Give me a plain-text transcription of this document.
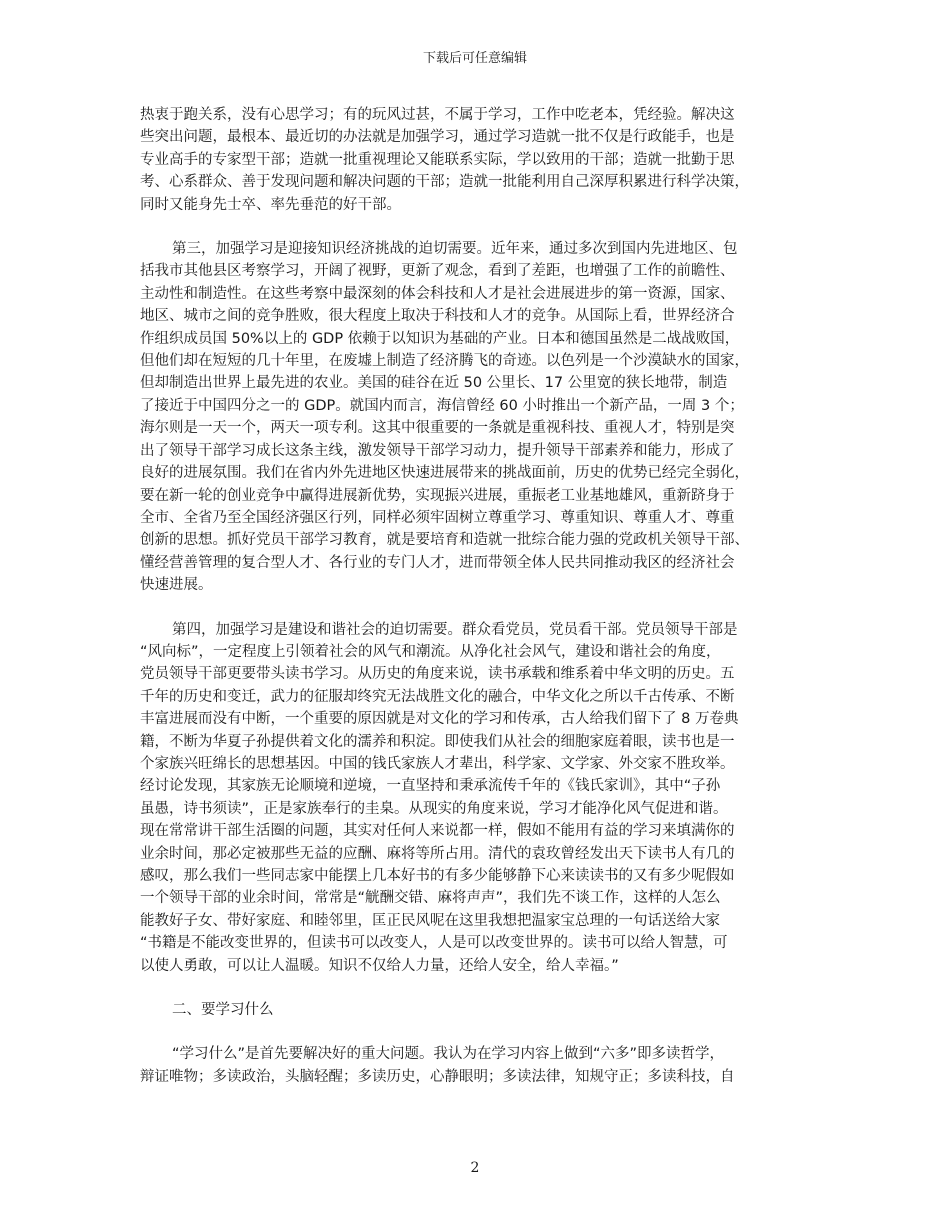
下载后可任意编辑

热衷于跑关系，没有心思学习；有的玩风过甚，不属于学习，工作中吃老本，凭经验。解决这
些突出问题，最根本、最近切的办法就是加强学习，通过学习造就一批不仅是行政能手，也是
专业高手的专家型干部；造就一批重视理论又能联系实际，学以致用的干部；造就一批勤于思
考、心系群众、善于发现问题和解决问题的干部；造就一批能利用自己深厚积累进行科学决策，
同时又能身先士卒、率先垂范的好干部。

第三，加强学习是迎接知识经济挑战的迫切需要。近年来，通过多次到国内先进地区、包
括我市其他县区考察学习，开阔了视野，更新了观念，看到了差距，也增强了工作的前瞻性、
主动性和制造性。在这些考察中最深刻的体会科技和人才是社会进展进步的第一资源，国家、
地区、城市之间的竞争胜败，很大程度上取决于科技和人才的竞争。从国际上看，世界经济合
作组织成员国 50%以上的 GDP 依赖于以知识为基础的产业。日本和德国虽然是二战战败国，
但他们却在短短的几十年里，在废墟上制造了经济腾飞的奇迹。以色列是一个沙漠缺水的国家，
但却制造出世界上最先进的农业。美国的硅谷在近 50 公里长、17 公里宽的狭长地带，制造
了接近于中国四分之一的 GDP。就国内而言，海信曾经 60 小时推出一个新产品，一周 3 个；
海尔则是一天一个，两天一项专利。这其中很重要的一条就是重视科技、重视人才，特别是突
出了领导干部学习成长这条主线，激发领导干部学习动力，提升领导干部素养和能力，形成了
良好的进展氛围。我们在省内外先进地区快速进展带来的挑战面前，历史的优势已经完全弱化，
要在新一轮的创业竞争中赢得进展新优势，实现振兴进展，重振老工业基地雄风，重新跻身于
全市、全省乃至全国经济强区行列，同样必须牢固树立尊重学习、尊重知识、尊重人才、尊重
创新的思想。抓好党员干部学习教育，就是要培育和造就一批综合能力强的党政机关领导干部、
懂经营善管理的复合型人才、各行业的专门人才，进而带领全体人民共同推动我区的经济社会
快速进展。

第四，加强学习是建设和谐社会的迫切需要。群众看党员，党员看干部。党员领导干部是
“风向标”，一定程度上引领着社会的风气和潮流。从净化社会风气，建设和谐社会的角度，
党员领导干部更要带头读书学习。从历史的角度来说，读书承载和维系着中华文明的历史。五
千年的历史和变迁，武力的征服却终究无法战胜文化的融合，中华文化之所以千古传承、不断
丰富进展而没有中断，一个重要的原因就是对文化的学习和传承，古人给我们留下了 8 万卷典
籍，不断为华夏子孙提供着文化的濡养和积淀。即使我们从社会的细胞家庭着眼，读书也是一
个家族兴旺绵长的思想基因。中国的钱氏家族人才辈出，科学家、文学家、外交家不胜玫举。
经讨论发现，其家族无论顺境和逆境，一直坚持和秉承流传千年的《钱氏家训》，其中“子孙
虽愚，诗书须读”，正是家族奉行的圭臬。从现实的角度来说，学习才能净化风气促进和谐。
现在常常讲干部生活圈的问题，其实对任何人来说都一样，假如不能用有益的学习来填满你的
业余时间，那必定被那些无益的应酬、麻将等所占用。清代的袁玫曾经发出天下读书人有几的
感叹，那么我们一些同志家中能摆上几本好书的有多少能够静下心来读读书的又有多少呢假如
一个领导干部的业余时间，常常是“觥酬交错、麻将声声”，我们先不谈工作，这样的人怎么
能教好子女、带好家庭、和睦邻里，匡正民风呢在这里我想把温家宝总理的一句话送给大家
“书籍是不能改变世界的，但读书可以改变人，人是可以改变世界的。读书可以给人智慧，可
以使人勇敢，可以让人温暖。知识不仅给人力量，还给人安全，给人幸福。”

二、要学习什么

“学习什么”是首先要解决好的重大问题。我认为在学习内容上做到“六多”即多读哲学，
辩证唯物；多读政治，头脑轻醒；多读历史，心静眼明；多读法律，知规守正；多读科技，自

2
